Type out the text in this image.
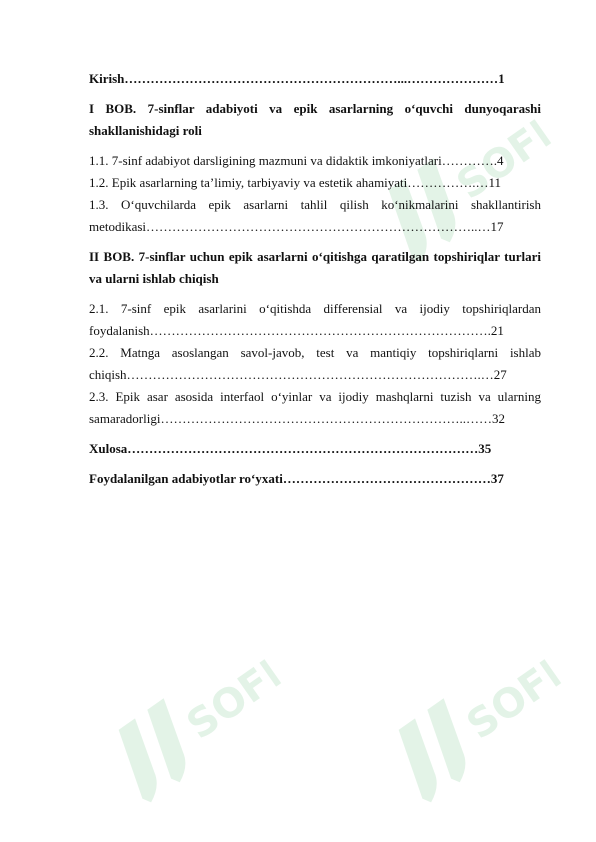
SOFF
SOFF	SOFF

Kirish………………………………………………………...…………………1

I BOB. 7-sinflar adabiyoti va epik asarlarning o‘quvchi dunyoqarashi shakllanishidagi roli

1.1. 7-sinf adabiyot darsligining mazmuni va didaktik imkoniyatlari………….4

1.2. Epik asarlarning ta’limiy, tarbiyaviy va estetik ahamiyati…………….…11

1.3. O‘quvchilarda epik asarlarni tahlil qilish ko‘nikmalarini shakllantirish metodikasi…………………………………………………………………..…17

II BOB. 7-sinflar uchun epik asarlarni o‘qitishga qaratilgan topshiriqlar turlari va ularni ishlab chiqish

2.1. 7-sinf epik asarlarini o‘qitishda differensial va ijodiy topshiriqlardan foydalanish…………………………………………………………………….21

2.2. Matnga asoslangan savol-javob, test va mantiqiy topshiriqlarni ishlab chiqish……………………………………………………………………….…27

2.3. Epik asar asosida interfaol o‘yinlar va ijodiy mashqlarni tuzish va ularning samaradorligi……………………………………………………………..……32

Xulosa………………………………………………………………………35

Foydalanilgan adabiyotlar ro‘yxati…………………………………………37
